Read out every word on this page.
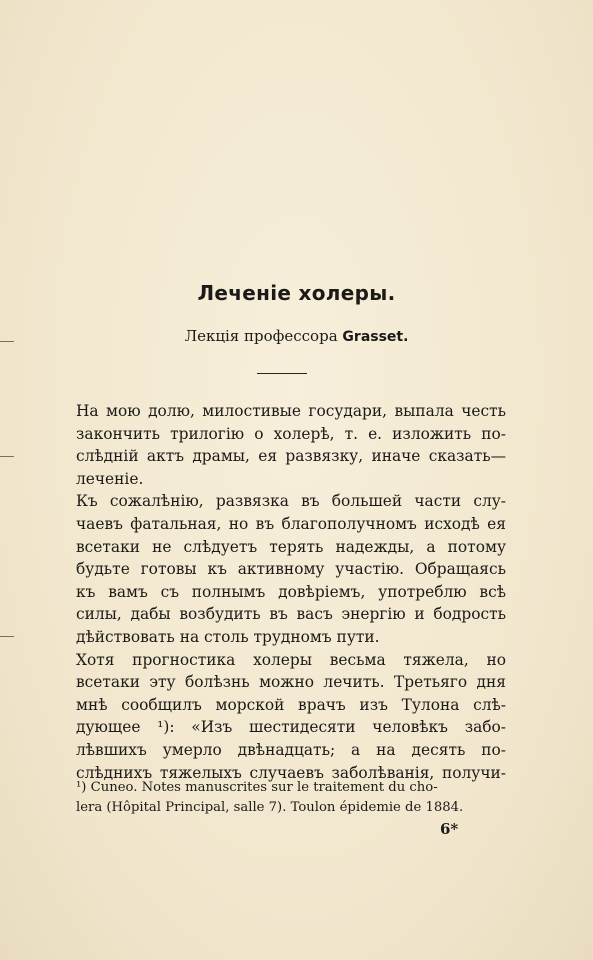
Леченіе холеры.
Лекція профессора Grasset.

На мою долю, милостивые государи, выпала честь
закончить трилогію о холерѣ, т. е. изложить по-
слѣдній актъ драмы, ея развязку, иначе сказать—
леченіе.

Къ сожалѣнію, развязка въ большей части слу-
чаевъ фатальная, но въ благополучномъ исходѣ ея
всетаки не слѣдуетъ терять надежды, а потому
будьте готовы къ активному участію. Обращаясь
къ вамъ съ полнымъ довѣріемъ, употреблю всѣ
силы, дабы возбудить въ васъ энергію и бодрость
дѣйствовать на столь трудномъ пути.

Хотя прогностика холеры весьма тяжела, но
всетаки эту болѣзнь можно лечить. Третьяго дня
мнѣ сообщилъ морской врачъ изъ Тулона слѣ-
дующее ¹): «Изъ шестидесяти человѣкъ забо-
лѣвшихъ умерло двѣнадцать; а на десять по-
слѣднихъ тяжелыхъ случаевъ заболѣванія, получи-

¹) Cuneo. Notes manuscrites sur le traitement du cho-
lera (Hôpital Principal, salle 7). Toulon épidemie de 1884.
6*
